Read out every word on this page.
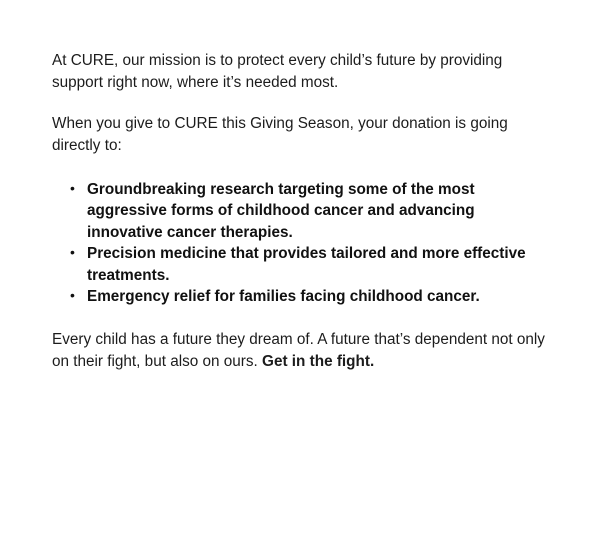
At CURE, our mission is to protect every child’s future by providing support right now, where it’s needed most.

When you give to CURE this Giving Season, your donation is going directly to:

• Groundbreaking research targeting some of the most aggressive forms of childhood cancer and advancing innovative cancer therapies.
• Precision medicine that provides tailored and more effective treatments.
• Emergency relief for families facing childhood cancer.

Every child has a future they dream of. A future that’s dependent not only on their fight, but also on ours. Get in the fight.
